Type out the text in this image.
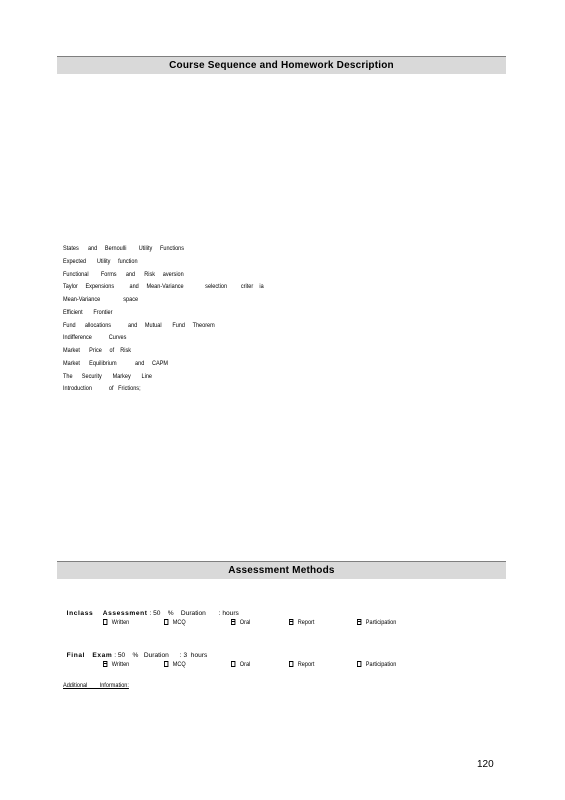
Course Sequence and Homework Description
States      and     Bernoulli        Utility     Functions
Expected       Utility     function
Functional        Forms      and      Risk     aversion
Taylor     Expensions          and     Mean-Variance              selection         criter    ia
Mean-Variance               space
Efficient       Frontier
Fund      allocations           and     Mutual       Fund     Theorem
Indifference           Curves
Market      Price     of    Risk
Market      Equilibrium            and     CAPM
The      Security       Markey       Line
Introduction           of   Frictions;
Assessment Methods

Inclass    Assessment : 50    %    Duration       : hours

Written	MCQ	Oral	Report	Participation

Final   Exam : 50    %   Duration      : 3  hours

Written	MCQ	Oral	Report	Participation
Additional        Information:
120
